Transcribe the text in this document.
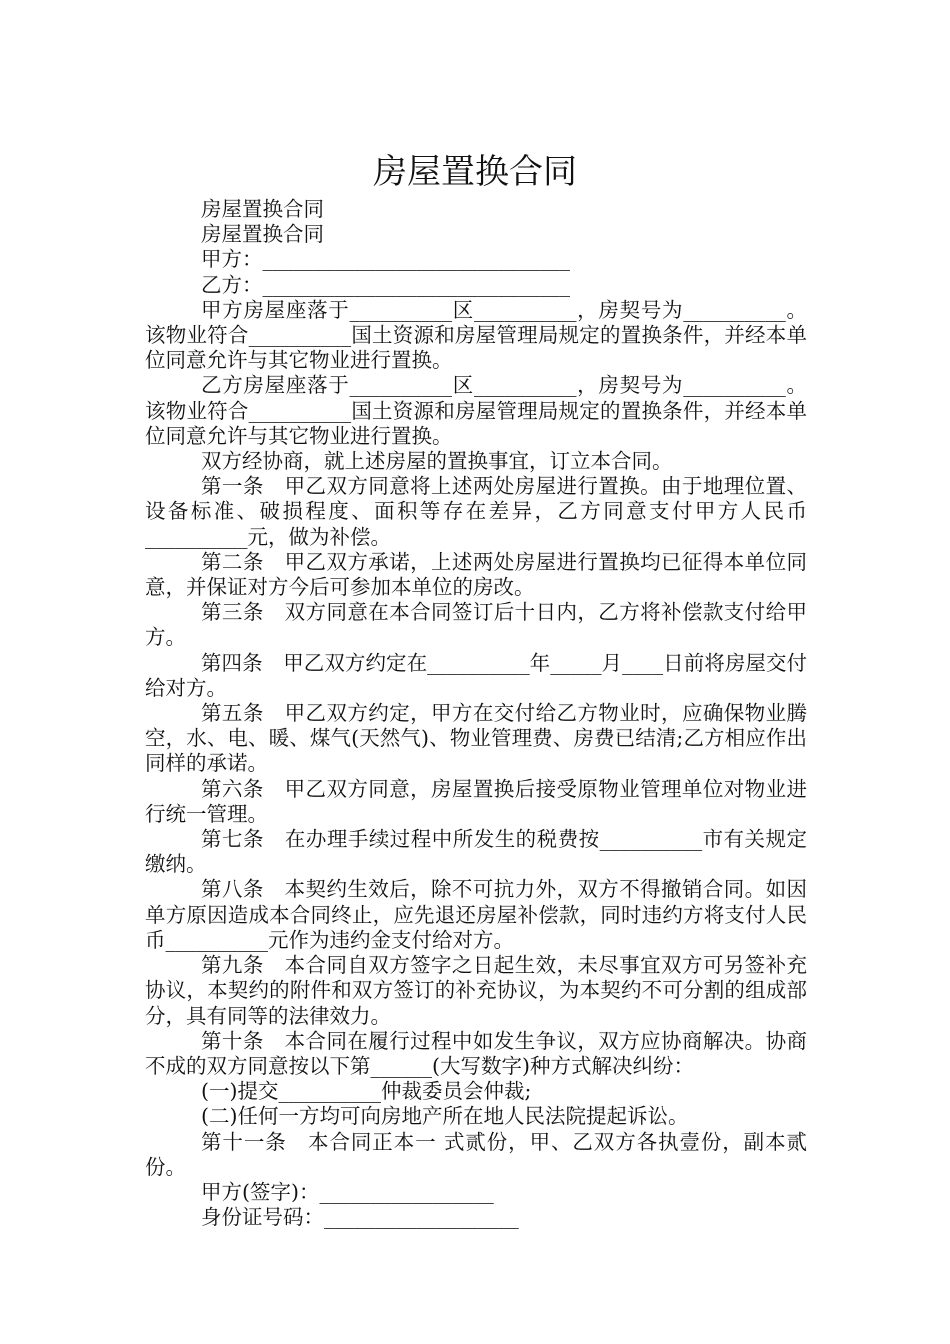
房屋置换合同

房屋置换合同

房屋置换合同

甲方：______________________________

乙方：______________________________

甲方房屋座落于__________区__________，房契号为__________。该物业符合__________国土资源和房屋管理局规定的置换条件，并经本单位同意允许与其它物业进行置换。

乙方房屋座落于__________区__________，房契号为__________。该物业符合__________国土资源和房屋管理局规定的置换条件，并经本单位同意允许与其它物业进行置换。

双方经协商，就上述房屋的置换事宜，订立本合同。

第一条　甲乙双方同意将上述两处房屋进行置换。由于地理位置、设备标准、破损程度、面积等存在差异，乙方同意支付甲方人民币__________元，做为补偿。

第二条　甲乙双方承诺，上述两处房屋进行置换均已征得本单位同意，并保证对方今后可参加本单位的房改。

第三条　双方同意在本合同签订后十日内，乙方将补偿款支付给甲方。

第四条　甲乙双方约定在__________年_____月____日前将房屋交付给对方。

第五条　甲乙双方约定，甲方在交付给乙方物业时，应确保物业腾空，水、电、暖、煤气(天然气)、物业管理费、房费已结清;乙方相应作出同样的承诺。

第六条　甲乙双方同意，房屋置换后接受原物业管理单位对物业进行统一管理。

第七条　在办理手续过程中所发生的税费按__________市有关规定缴纳。

第八条　本契约生效后，除不可抗力外，双方不得撤销合同。如因单方原因造成本合同终止，应先退还房屋补偿款，同时违约方将支付人民币__________元作为违约金支付给对方。

第九条　本合同自双方签字之日起生效，未尽事宜双方可另签补充协议，本契约的附件和双方签订的补充协议，为本契约不可分割的组成部分，具有同等的法律效力。

第十条　本合同在履行过程中如发生争议，双方应协商解决。协商不成的双方同意按以下第______(大写数字)种方式解决纠纷：

(一)提交__________仲裁委员会仲裁;

(二)任何一方均可向房地产所在地人民法院提起诉讼。

第十一条　本合同正本一 式贰份，甲、乙双方各执壹份，副本贰份。

甲方(签字)：_________________

身份证号码：___________________
